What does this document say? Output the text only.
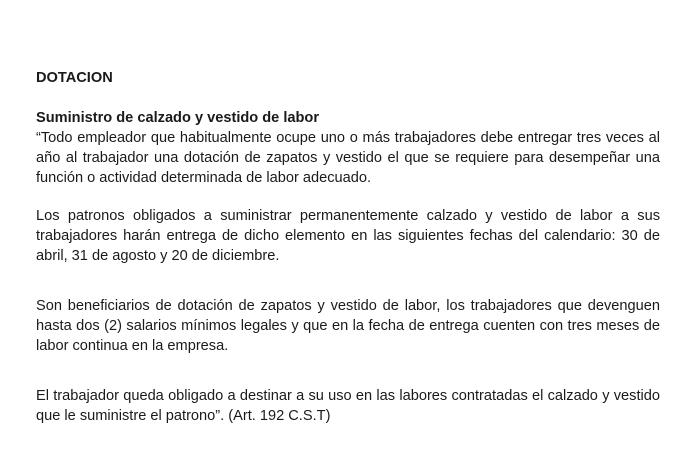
DOTACION
Suministro de calzado y vestido de labor

“Todo empleador que habitualmente ocupe uno o más trabajadores debe entregar tres veces al año al trabajador una dotación de zapatos y vestido el que se requiere para desempeñar una función o actividad determinada de labor adecuado.

Los patronos obligados a suministrar permanentemente calzado y vestido de labor a sus trabajadores harán entrega de dicho elemento en las siguientes fechas del calendario: 30 de abril, 31 de agosto y 20 de diciembre.

Son beneficiarios de dotación de zapatos y vestido de labor, los trabajadores que devenguen hasta dos (2) salarios mínimos legales y que en la fecha de entrega cuenten con tres meses de labor continua en la empresa.

El trabajador queda obligado a destinar a su uso en las labores contratadas el calzado y vestido que le suministre el patrono”. (Art. 192 C.S.T)
